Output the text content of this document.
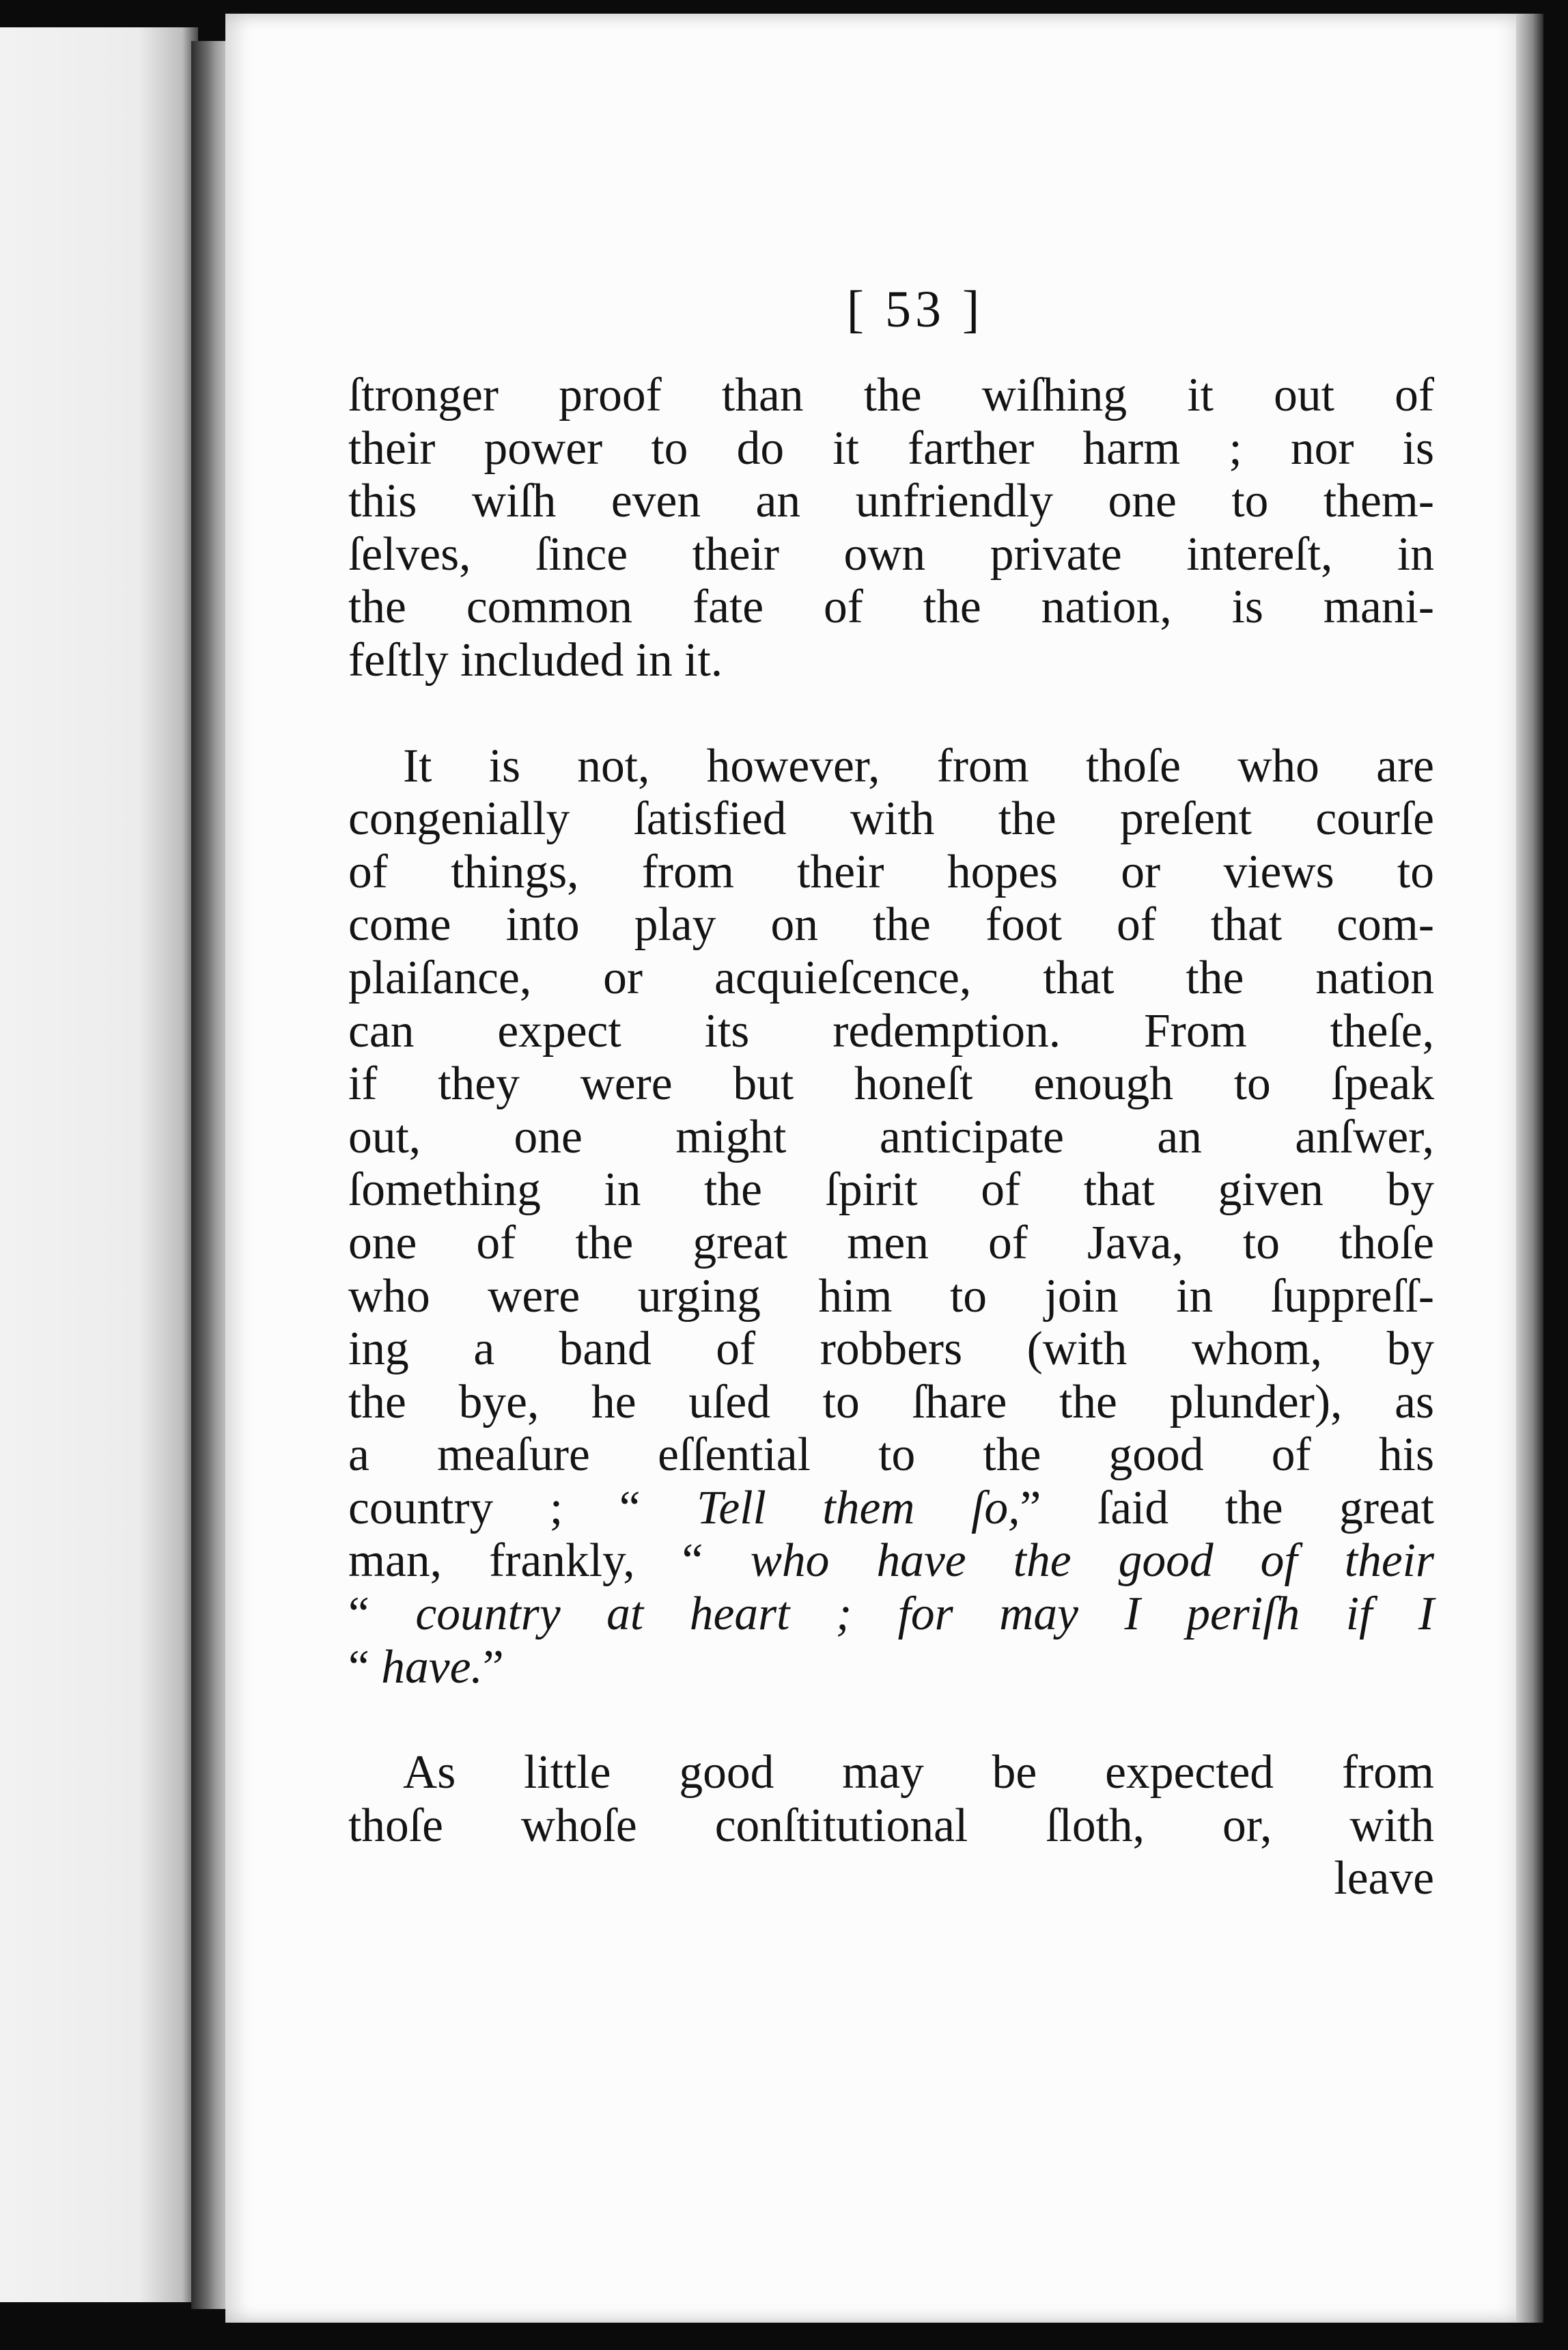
[ 53 ]
ſtronger proof than the wiſhing it out of
their power to do it farther harm ; nor is
this wiſh even an unfriendly one to them-
ſelves, ſince their own private intereſt, in
the common fate of the nation, is mani-
feſtly included in it.
It is not, however, from thoſe who are
congenially ſatisfied with the preſent courſe
of things, from their hopes or views to
come into play on the foot of that com-
plaiſance, or acquieſcence, that the nation
can expect its redemption. From theſe,
if they were but honeſt enough to ſpeak
out, one might anticipate an anſwer,
ſomething in the ſpirit of that given by
one of the great men of Java, to thoſe
who were urging him to join in ſuppreſſ-
ing a band of robbers (with whom, by
the bye, he uſed to ſhare the plunder), as
a meaſure eſſential to the good of his
country ; “ Tell them ſo,” ſaid the great
man, frankly, “ who have the good of their
“ country at heart ; for may I periſh if I
“ have.”
As little good may be expected from
thoſe whoſe conſtitutional ſloth, or, with
leave
